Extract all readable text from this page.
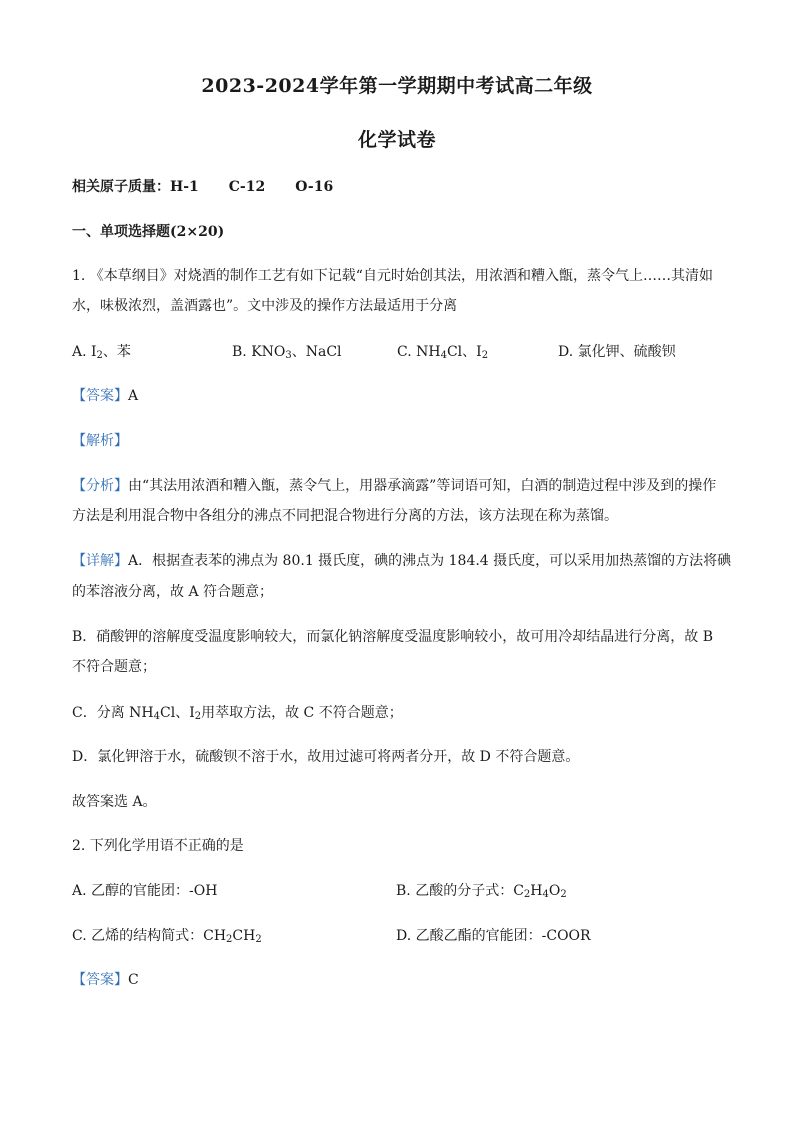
2023-2024学年第一学期期中考试高二年级
化学试卷
相关原子质量：H-1 C-12 O-16
一、单项选择题(2×20)
1. 《本草纲目》对烧酒的制作工艺有如下记载“自元时始创其法，用浓酒和糟入甑，蒸令气上……其清如
水，味极浓烈，盖酒露也”。文中涉及的操作方法最适用于分离
A. $I_2$、苯	B. $KNO_3$、NaCl	C. $NH_4Cl$、$I_2$	D. 氯化钾、硫酸钡
【答案】A
【解析】
【分析】由“其法用浓酒和糟入甑，蒸令气上，用器承滴露”等词语可知，白酒的制造过程中涉及到的操作
方法是利用混合物中各组分的沸点不同把混合物进行分离的方法，该方法现在称为蒸馏。
【详解】A．根据查表苯的沸点为 80.1 摄氏度，碘的沸点为 184.4 摄氏度，可以采用加热蒸馏的方法将碘
的苯溶液分离，故 A 符合题意；
B．硝酸钾的溶解度受温度影响较大，而氯化钠溶解度受温度影响较小，故可用冷却结晶进行分离，故 B
不符合题意；
C．分离 $NH_4Cl$、$I_2$用萃取方法，故 C 不符合题意；
D．氯化钾溶于水，硫酸钡不溶于水，故用过滤可将两者分开，故 D 不符合题意。
故答案选 A。
2. 下列化学用语不正确的是
A. 乙醇的官能团：-OH	B. 乙酸的分子式：$C_2H_4O_2$
C. 乙烯的结构简式：$CH_2CH_2$	D. 乙酸乙酯的官能团：-COOR
【答案】C
